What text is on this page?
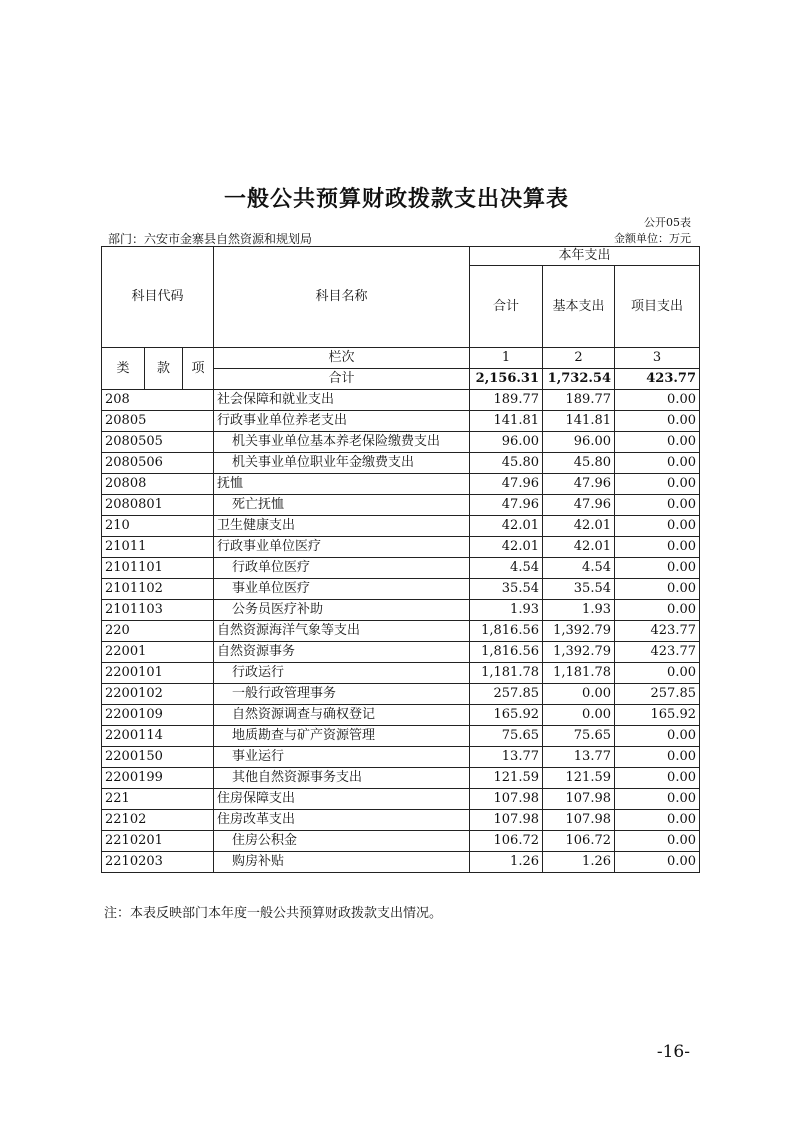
一般公共预算财政拨款支出决算表
公开05表
部门：六安市金寨县自然资源和规划局	金额单位：万元
科目代码			科目名称	本年支出		
				合计	基本支出	项目支出
类	款	项	栏次	1	2	3
			合计	2,156.31	1,732.54	423.77
208			社会保障和就业支出	189.77	189.77	0.00
20805			行政事业单位养老支出	141.81	141.81	0.00
2080505			机关事业单位基本养老保险缴费支出	96.00	96.00	0.00
2080506			机关事业单位职业年金缴费支出	45.80	45.80	0.00
20808			抚恤	47.96	47.96	0.00
2080801			死亡抚恤	47.96	47.96	0.00
210			卫生健康支出	42.01	42.01	0.00
21011			行政事业单位医疗	42.01	42.01	0.00
2101101			行政单位医疗	4.54	4.54	0.00
2101102			事业单位医疗	35.54	35.54	0.00
2101103			公务员医疗补助	1.93	1.93	0.00
220			自然资源海洋气象等支出	1,816.56	1,392.79	423.77
22001			自然资源事务	1,816.56	1,392.79	423.77
2200101			行政运行	1,181.78	1,181.78	0.00
2200102			一般行政管理事务	257.85	0.00	257.85
2200109			自然资源调查与确权登记	165.92	0.00	165.92
2200114			地质勘查与矿产资源管理	75.65	75.65	0.00
2200150			事业运行	13.77	13.77	0.00
2200199			其他自然资源事务支出	121.59	121.59	0.00
221			住房保障支出	107.98	107.98	0.00
22102			住房改革支出	107.98	107.98	0.00
2210201			住房公积金	106.72	106.72	0.00
2210203			购房补贴	1.26	1.26	0.00
注：本表反映部门本年度一般公共预算财政拨款支出情况。
-16-
